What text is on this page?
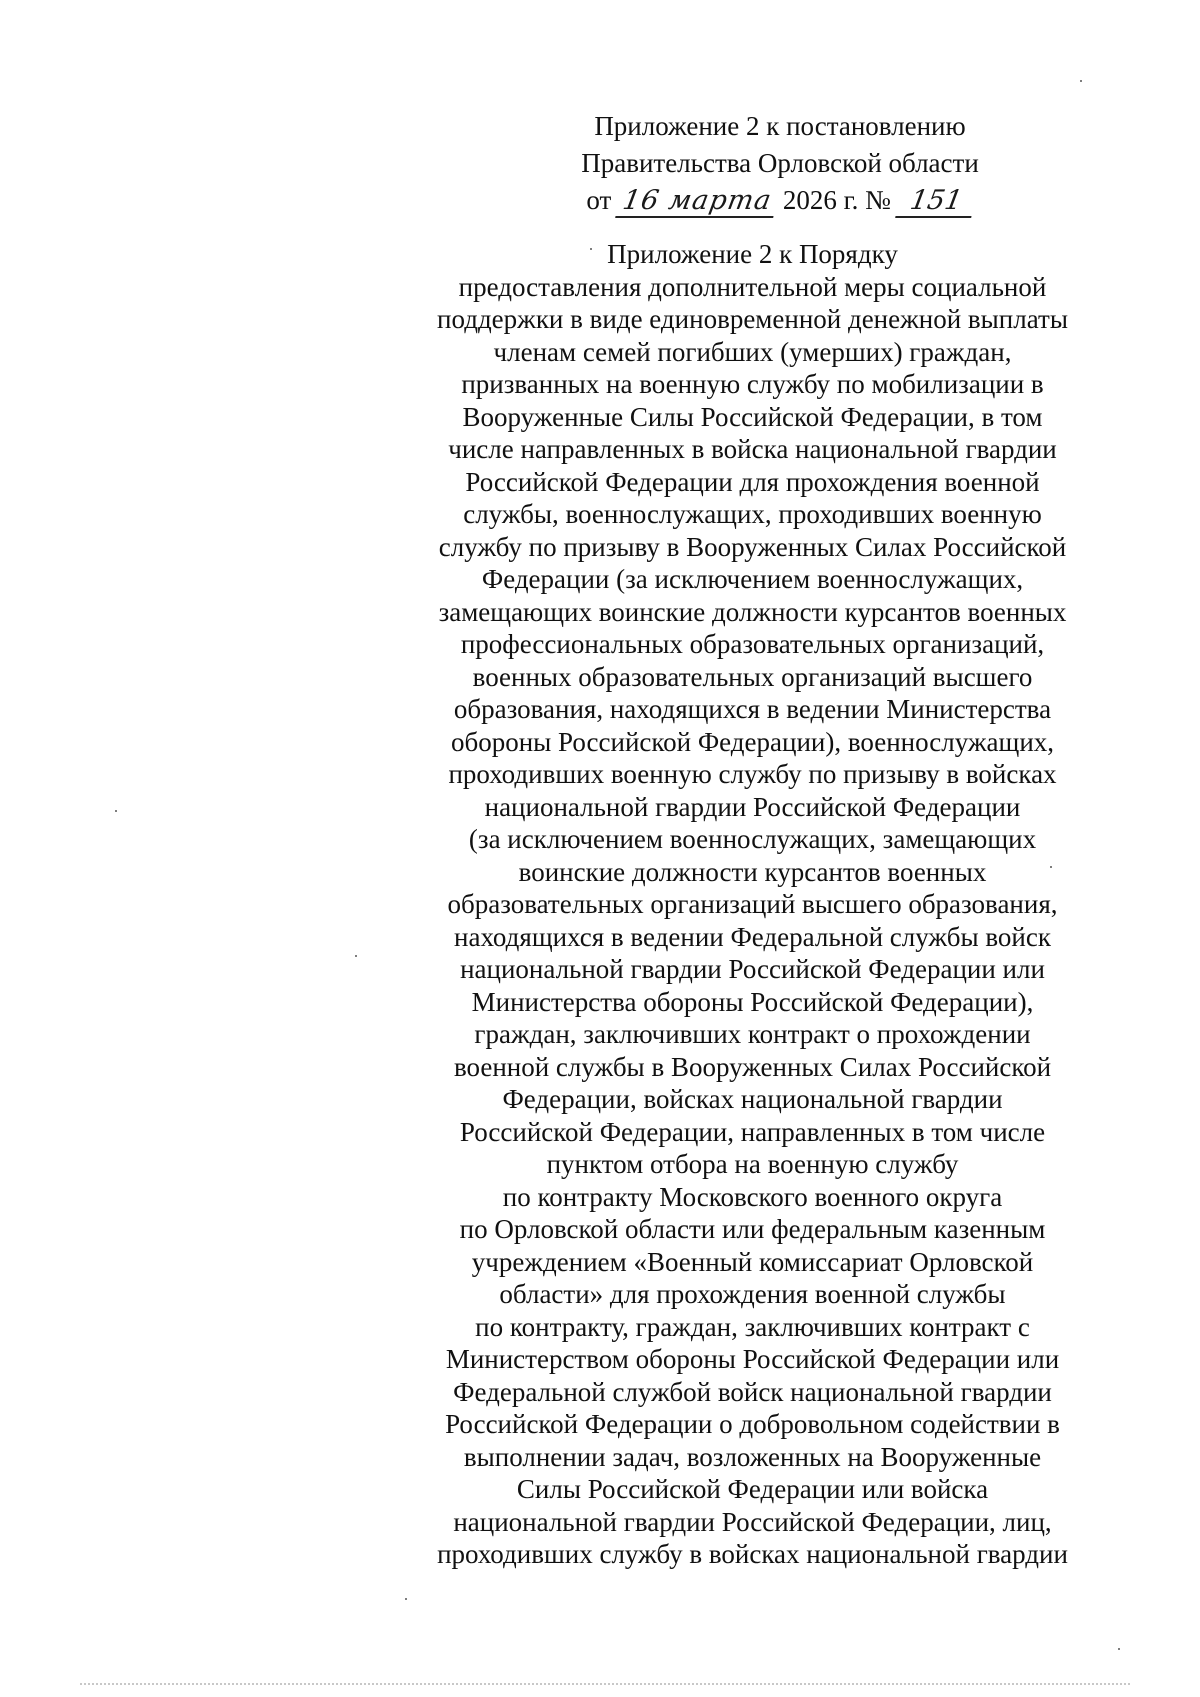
Приложение 2 к постановлению
Правительства Орловской области
от 16 марта 2026 г. № 151
Приложение 2 к Порядку
предоставления дополнительной меры социальной
поддержки в виде единовременной денежной выплаты
членам семей погибших (умерших) граждан,
призванных на военную службу по мобилизации в
Вооруженные Силы Российской Федерации, в том
числе направленных в войска национальной гвардии
Российской Федерации для прохождения военной
службы, военнослужащих, проходивших военную
службу по призыву в Вооруженных Силах Российской
Федерации (за исключением военнослужащих,
замещающих воинские должности курсантов военных
профессиональных образовательных организаций,
военных образовательных организаций высшего
образования, находящихся в ведении Министерства
обороны Российской Федерации), военнослужащих,
проходивших военную службу по призыву в войсках
национальной гвардии Российской Федерации
(за исключением военнослужащих, замещающих
воинские должности курсантов военных
образовательных организаций высшего образования,
находящихся в ведении Федеральной службы войск
национальной гвардии Российской Федерации или
Министерства обороны Российской Федерации),
граждан, заключивших контракт о прохождении
военной службы в Вооруженных Силах Российской
Федерации, войсках национальной гвардии
Российской Федерации, направленных в том числе
пунктом отбора на военную службу
по контракту Московского военного округа
по Орловской области или федеральным казенным
учреждением «Военный комиссариат Орловской
области» для прохождения военной службы
по контракту, граждан, заключивших контракт с
Министерством обороны Российской Федерации или
Федеральной службой войск национальной гвардии
Российской Федерации о добровольном содействии в
выполнении задач, возложенных на Вооруженные
Силы Российской Федерации или войска
национальной гвардии Российской Федерации, лиц,
проходивших службу в войсках национальной гвардии
